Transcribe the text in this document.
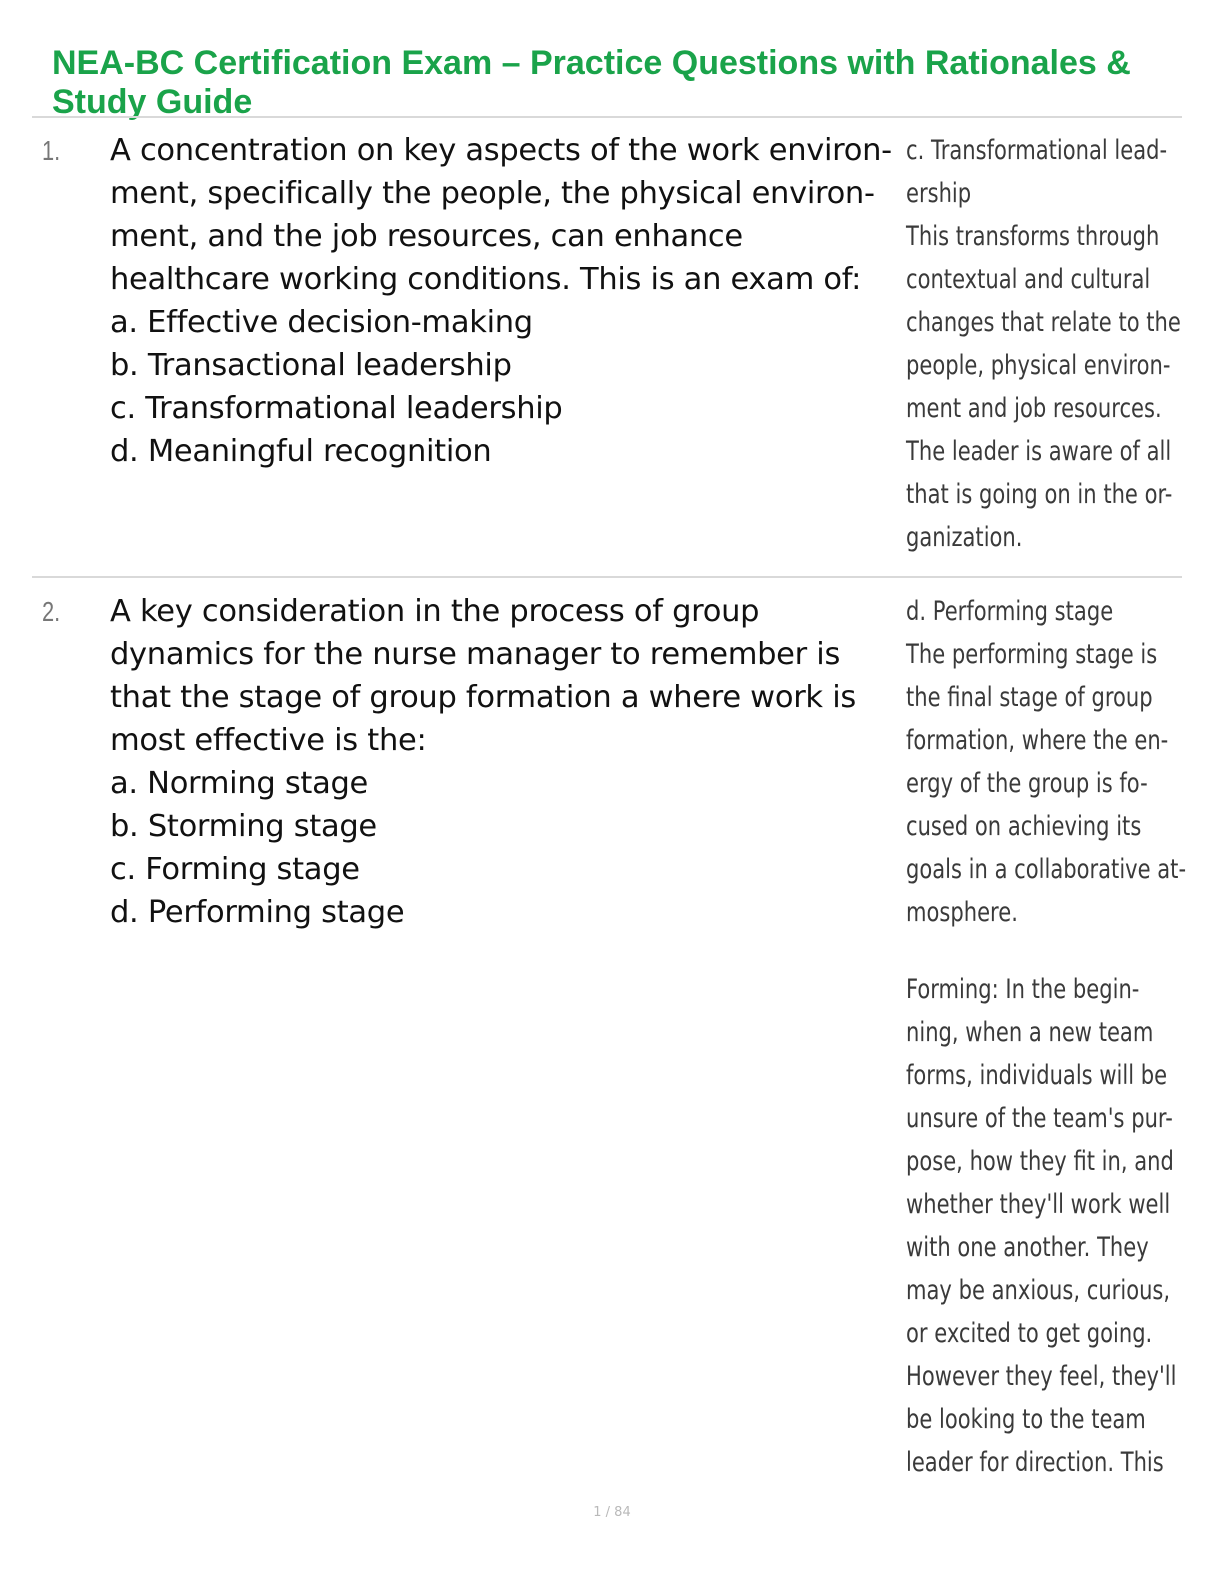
NEA-BC Certification Exam – Practice Questions with Rationales & Study Guide
1. A concentration on key aspects of the work environ-ment, specifically the people, the physical environ-ment, and the job resources, can enhance healthcare working conditions. This is an exam of:
a. Effective decision-making
b. Transactional leadership
c. Transformational leadership
d. Meaningful recognition
c. Transformational lead-
ership
This transforms through
contextual and cultural
changes that relate to the
people, physical environ-
ment and job resources.
The leader is aware of all
that is going on in the or-
ganization.
2. A key consideration in the process of group dynamics for the nurse manager to remember is that the stage of group formation a where work is most effective is the:
a. Norming stage
b. Storming stage
c. Forming stage
d. Performing stage
d. Performing stage
The performing stage is
the final stage of group
formation, where the en-
ergy of the group is fo-
cused on achieving its
goals in a collaborative at-
mosphere.
Forming: In the begin-
ning, when a new team
forms, individuals will be
unsure of the team's pur-
pose, how they fit in, and
whether they'll work well
with one another. They
may be anxious, curious,
or excited to get going.
However they feel, they'll
be looking to the team
leader for direction. This
1 / 84
